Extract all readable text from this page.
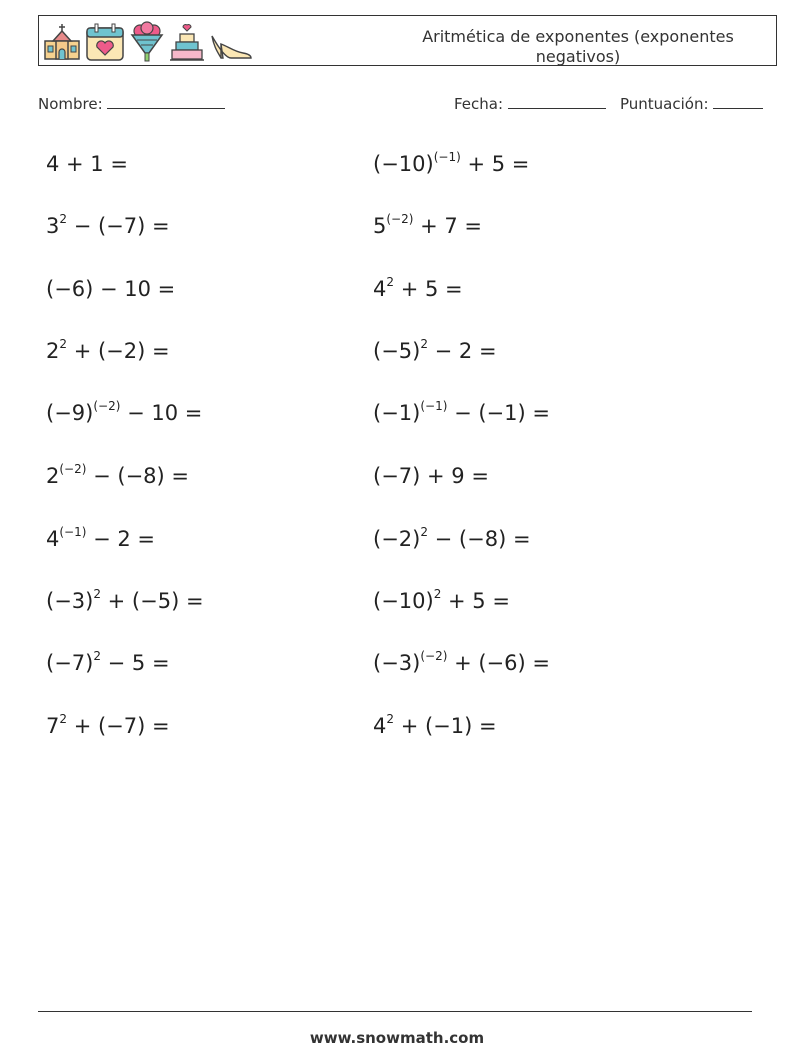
Aritmética de exponentes (exponentes negativos)
Nombre:	Fecha:	Puntuación:
4 + 1 =	$(-10)^{(-1)} + 5$ =
$3^2 - (-7)$ =	$5^{(-2)} + 7$ =
(−6) − 10 =	$4^2 + 5$ =
$2^2 + (-2)$ =	$(-5)^2 - 2$ =
$(-9)^{(-2)} - 10$ =	$(-1)^{(-1)} - (-1)$ =
$2^{(-2)} - (-8)$ =	(−7) + 9 =
$4^{(-1)} - 2$ =	$(-2)^2 - (-8)$ =
$(-3)^2 + (-5)$ =	$(-10)^2 + 5$ =
$(-7)^2 - 5$ =	$(-3)^{(-2)} + (-6)$ =
$7^2 + (-7)$ =	$4^2 + (-1)$ =
www.snowmath.com
